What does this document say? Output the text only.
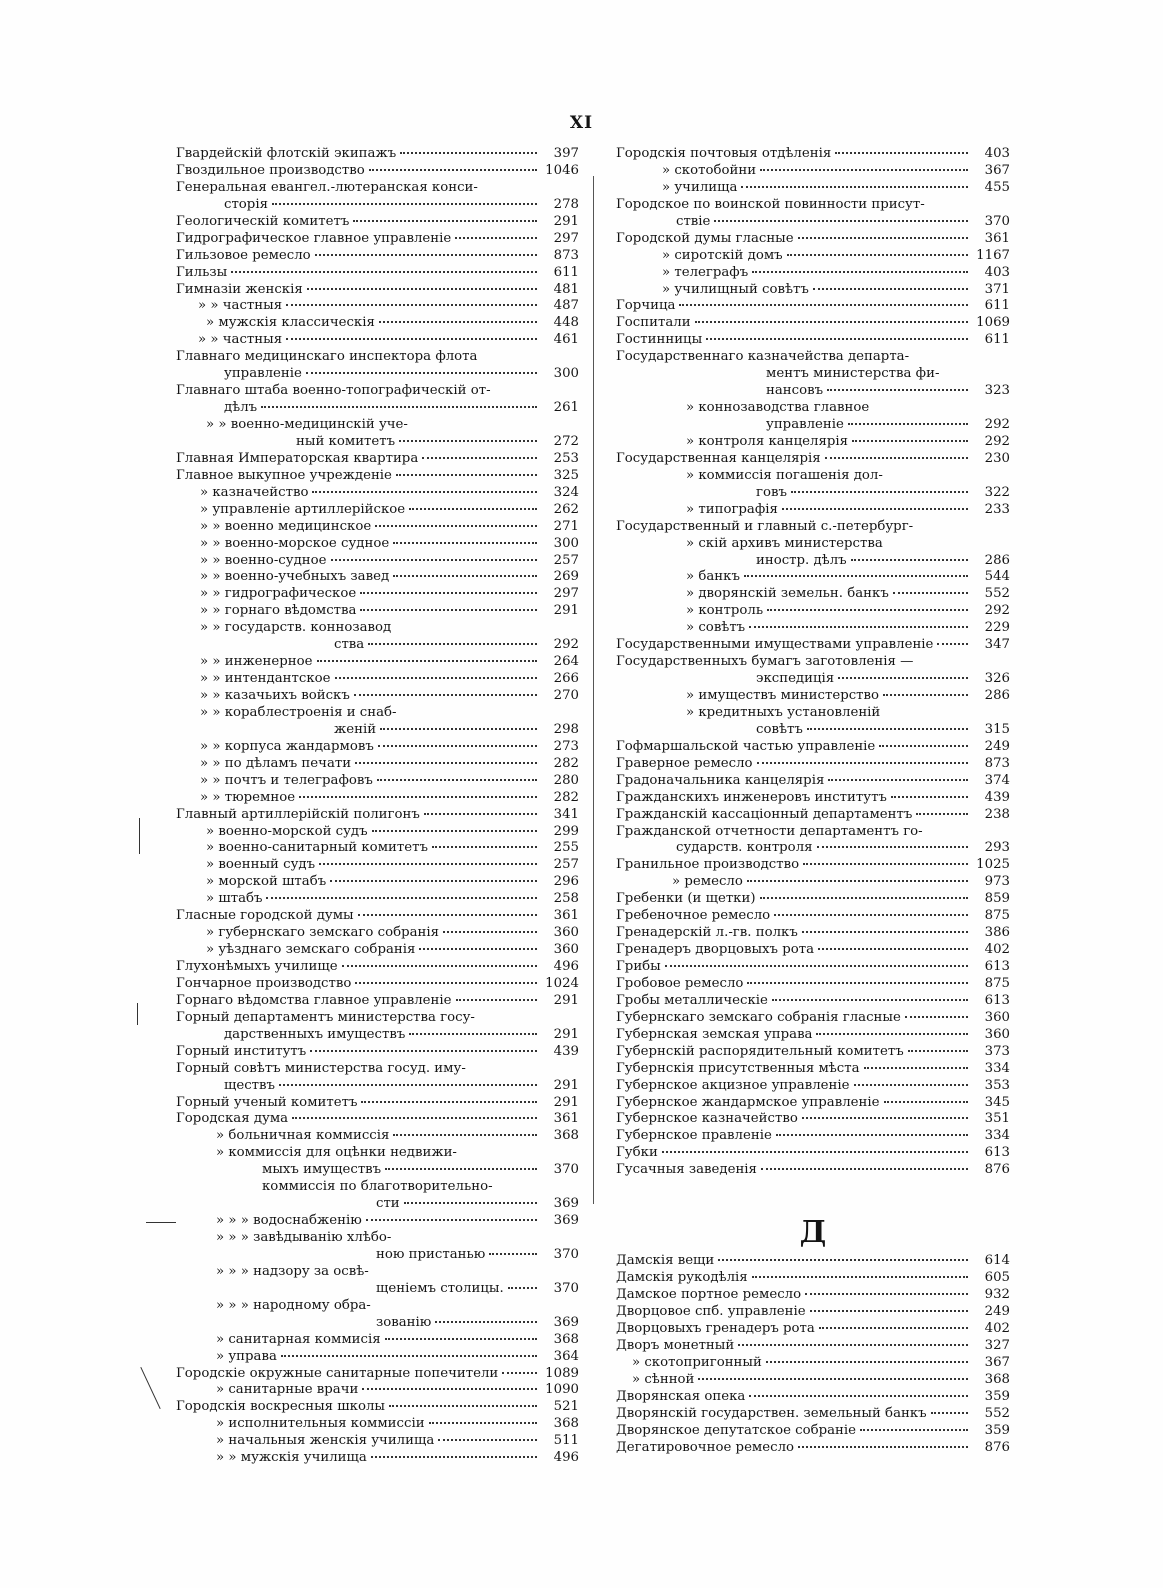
XI
Гвардейскій флотскій экипажъ	397
Гвоздильное производство	1046
Генеральная евангел.-лютеранская конси-
сторія	278
Геологическій комитетъ	291
Гидрографическое главное управленіе	297
Гильзовое ремесло	873
Гильзы	611
Гимназіи женскія	481
» » частныя	487
» мужскія классическія	448
» » частныя	461
Главнаго медицинскаго инспектора флота
управленіе	300
Главнаго штаба военно-топографическій от-
дѣлъ	261
» » военно-медицинскій уче-
ный комитетъ	272
Главная Императорская квартира	253
Главное выкупное учрежденіе	325
» казначейство	324
» управленіе артиллерійское	262
» » военно медицинское	271
» » военно-морское судное	300
» » военно-судное	257
» » военно-учебныхъ завед	269
» » гидрографическое	297
» » горнаго вѣдомства	291
» » государств. коннозавод
ства	292
» » инженерное	264
» » интендантское	266
» » казачьихъ войскъ	270
» » кораблестроенія и снаб-
женій	298
» » корпуса жандармовъ	273
» » по дѣламъ печати	282
» » почтъ и телеграфовъ	280
» » тюремное	282
Главный артиллерійскій полигонъ	341
» военно-морской судъ	299
» военно-санитарный комитетъ	255
» военный судъ	257
» морской штабъ	296
» штабъ	258
Гласные городской думы	361
» губернскаго земскаго собранія	360
» уѣзднаго земскаго собранія	360
Глухонѣмыхъ училище	496
Гончарное производство	1024
Горнаго вѣдомства главное управленіе	291
Горный департаментъ министерства госу-
дарственныхъ имуществъ	291
Горный институтъ	439
Горный совѣтъ министерства госуд. иму-
ществъ	291
Горный ученый комитетъ	291
Городская дума	361
» больничная коммиссія	368
» коммиссія для оцѣнки недвижи-
мыхъ имуществъ	370
коммиссія по благотворительно-
сти	369
» » » водоснабженію	369
» » » завѣдыванію хлѣбо-
ною пристанью	370
» » » надзору за освѣ-
щеніемъ столицы.	370
» » » народному обра-
зованію	369
» санитарная коммисія	368
» управа	364
Городскіе окружные санитарные попечители	1089
» санитарные врачи	1090
Городскія воскресныя школы	521
» исполнительныя коммиссіи	368
» начальныя женскія училища	511
» » мужскія училища	496
Городскія почтовыя отдѣленія	403
» скотобойни	367
» училища	455
Городское по воинской повинности присут-
ствіе	370
Городской думы гласные	361
» сиротскій домъ	1167
» телеграфъ	403
» училищный совѣтъ	371
Горчица	611
Госпитали	1069
Гостинницы	611
Государственнаго казначейства департа-
ментъ министерства фи-
нансовъ	323
» коннозаводства главное
управленіе	292
» контроля канцелярія	292
Государственная канцелярія	230
» коммиссія погашенія дол-
говъ	322
» типографія	233
Государственный и главный с.-петербург-
» скій архивъ министерства
иностр. дѣлъ	286
» банкъ	544
» дворянскій земельн. банкъ	552
» контроль	292
» совѣтъ	229
Государственными имуществами управленіе	347
Государственныхъ бумагъ заготовленія —
экспедиція	326
» имуществъ министерство	286
» кредитныхъ установленій
совѣтъ	315
Гофмаршальской частью управленіе	249
Граверное ремесло	873
Градоначальника канцелярія	374
Гражданскихъ инженеровъ институтъ	439
Гражданскій кассаціонный департаментъ	238
Гражданской отчетности департаментъ го-
сударств. контроля	293
Гранильное производство	1025
» ремесло	973
Гребенки (и щетки)	859
Гребеночное ремесло	875
Гренадерскій л.-гв. полкъ	386
Гренадеръ дворцовыхъ рота	402
Грибы	613
Гробовое ремесло	875
Гробы металлическіе	613
Губернскаго земскаго собранія гласные	360
Губернская земская управа	360
Губернскій распорядительный комитетъ	373
Губернскія присутственныя мѣста	334
Губернское акцизное управленіе	353
Губернское жандармское управленіе	345
Губернское казначейство	351
Губернское правленіе	334
Губки	613
Гусачныя заведенія	876
Д
Дамскія вещи	614
Дамскія рукодѣлія	605
Дамское портное ремесло	932
Дворцовое спб. управленіе	249
Дворцовыхъ гренадеръ рота	402
Дворъ монетный	327
» скотопригонный	367
» сѣнной	368
Дворянская опека	359
Дворянскій государствен. земельный банкъ	552
Дворянское депутатское собраніе	359
Дегатировочное ремесло	876
